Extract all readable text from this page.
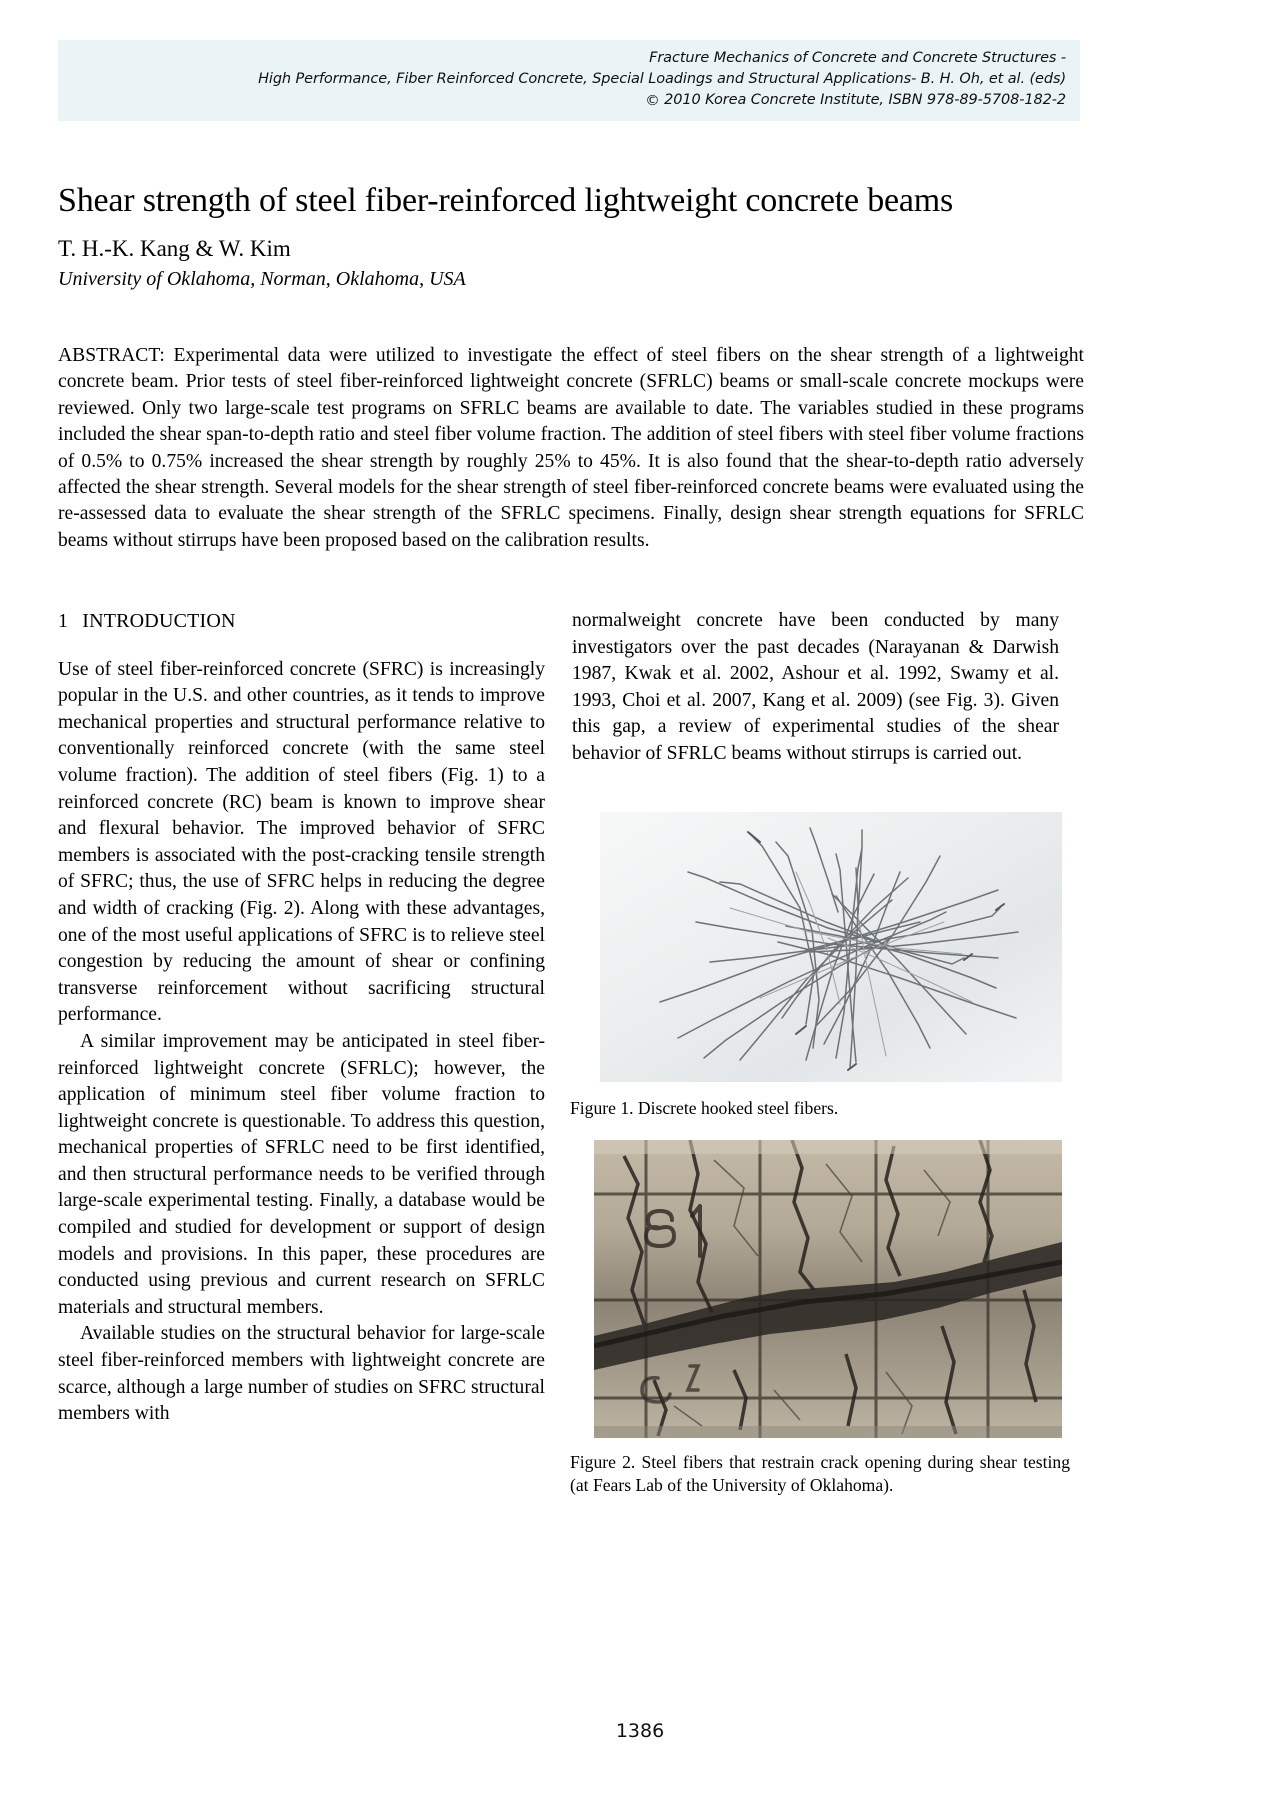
Fracture Mechanics of Concrete and Concrete Structures -
High Performance, Fiber Reinforced Concrete, Special Loadings and Structural Applications- B. H. Oh, et al. (eds)
© 2010 Korea Concrete Institute, ISBN 978-89-5708-182-2
Shear strength of steel fiber-reinforced lightweight concrete beams
T. H.-K. Kang & W. Kim
University of Oklahoma, Norman, Oklahoma, USA
ABSTRACT: Experimental data were utilized to investigate the effect of steel fibers on the shear strength of a lightweight concrete beam. Prior tests of steel fiber-reinforced lightweight concrete (SFRLC) beams or small-scale concrete mockups were reviewed. Only two large-scale test programs on SFRLC beams are available to date. The variables studied in these programs included the shear span-to-depth ratio and steel fiber volume fraction. The addition of steel fibers with steel fiber volume fractions of 0.5% to 0.75% increased the shear strength by roughly 25% to 45%. It is also found that the shear-to-depth ratio adversely affected the shear strength. Several models for the shear strength of steel fiber-reinforced concrete beams were evaluated using the re-assessed data to evaluate the shear strength of the SFRLC specimens. Finally, design shear strength equations for SFRLC beams without stirrups have been proposed based on the calibration results.
1 INTRODUCTION

Use of steel fiber-reinforced concrete (SFRC) is increasingly popular in the U.S. and other countries, as it tends to improve mechanical properties and structural performance relative to conventionally reinforced concrete (with the same steel volume fraction). The addition of steel fibers (Fig. 1) to a reinforced concrete (RC) beam is known to improve shear and flexural behavior. The improved behavior of SFRC members is associated with the post-cracking tensile strength of SFRC; thus, the use of SFRC helps in reducing the degree and width of cracking (Fig. 2). Along with these advantages, one of the most useful applications of SFRC is to relieve steel congestion by reducing the amount of shear or confining transverse reinforcement without sacrificing structural performance.

A similar improvement may be anticipated in steel fiber-reinforced lightweight concrete (SFRLC); however, the application of minimum steel fiber volume fraction to lightweight concrete is questionable. To address this question, mechanical properties of SFRLC need to be first identified, and then structural performance needs to be verified through large-scale experimental testing. Finally, a database would be compiled and studied for development or support of design models and provisions. In this paper, these procedures are conducted using previous and current research on SFRLC materials and structural members.

Available studies on the structural behavior for large-scale steel fiber-reinforced members with lightweight concrete are scarce, although a large number of studies on SFRC structural members with

normalweight concrete have been conducted by many investigators over the past decades (Narayanan & Darwish 1987, Kwak et al. 2002, Ashour et al. 1992, Swamy et al. 1993, Choi et al. 2007, Kang et al. 2009) (see Fig. 3). Given this gap, a review of experimental studies of the shear behavior of SFRLC beams without stirrups is carried out.

Figure 1. Discrete hooked steel fibers.
Figure 2. Steel fibers that restrain crack opening during shear testing (at Fears Lab of the University of Oklahoma).
1386
